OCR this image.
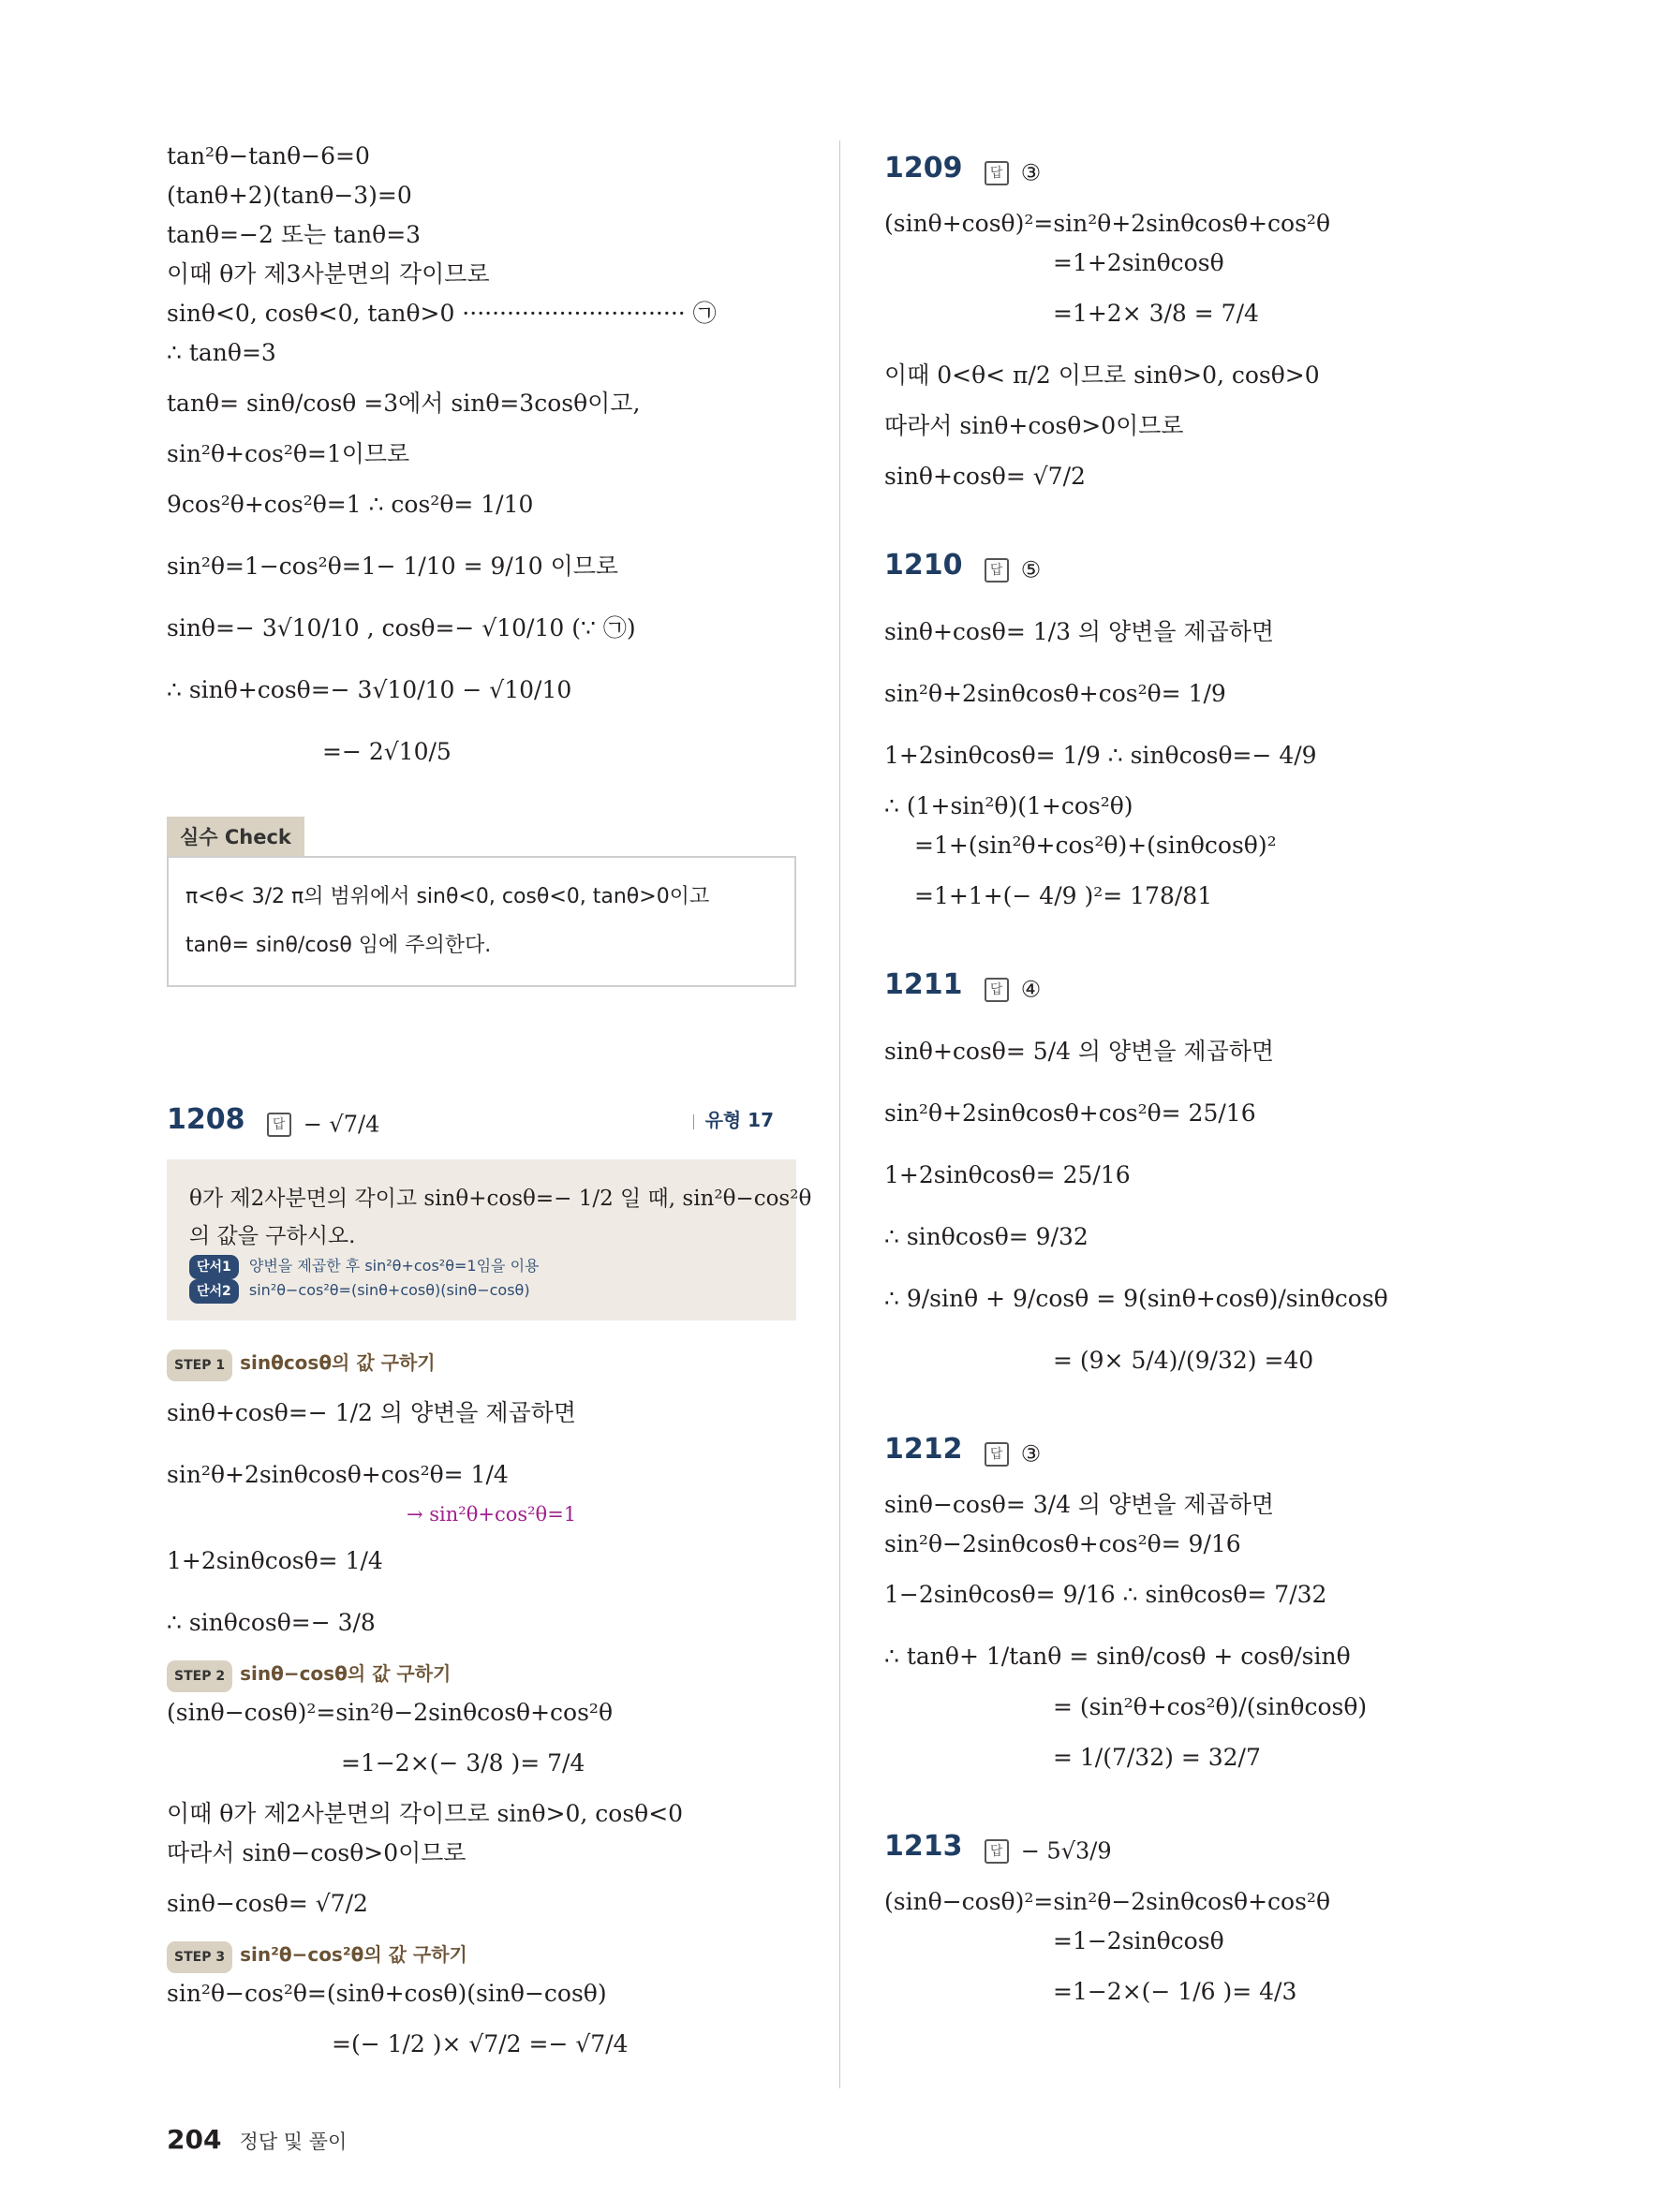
tan²θ−tanθ−6=0
(tanθ+2)(tanθ−3)=0
tanθ=−2 또는 tanθ=3
이때 θ가 제3사분면의 각이므로
sinθ<0, cosθ<0, tanθ>0 ······························ ㉠
∴ tanθ=3
tanθ= sinθ/cosθ =3에서 sinθ=3cosθ이고,
sin²θ+cos²θ=1이므로
9cos²θ+cos²θ=1 ∴ cos²θ= 1/10
sin²θ=1−cos²θ=1− 1/10 = 9/10 이므로
sinθ=− 3√10/10 , cosθ=− √10/10 (∵ ㉠)
∴ sinθ+cosθ=− 3√10/10 − √10/10
=− 2√10/5
실수 Check
π<θ< 3/2 π의 범위에서 sinθ<0, cosθ<0, tanθ>0이고
tanθ= sinθ/cosθ 임에 주의한다.
1208 답 − √7/4	유형 17
θ가 제2사분면의 각이고 sinθ+cosθ=− 1/2 일 때, sin²θ−cos²θ
의 값을 구하시오.
단서1 양변을 제곱한 후 sin²θ+cos²θ=1임을 이용
단서2 sin²θ−cos²θ=(sinθ+cosθ)(sinθ−cosθ)
STEP 1 sinθcosθ의 값 구하기
sinθ+cosθ=− 1/2 의 양변을 제곱하면
sin²θ+2sinθcosθ+cos²θ= 1/4
→ sin²θ+cos²θ=1
1+2sinθcosθ= 1/4
∴ sinθcosθ=− 3/8
STEP 2 sinθ−cosθ의 값 구하기
(sinθ−cosθ)²=sin²θ−2sinθcosθ+cos²θ
=1−2×(− 3/8 )= 7/4
이때 θ가 제2사분면의 각이므로 sinθ>0, cosθ<0
따라서 sinθ−cosθ>0이므로
sinθ−cosθ= √7/2
STEP 3 sin²θ−cos²θ의 값 구하기
sin²θ−cos²θ=(sinθ+cosθ)(sinθ−cosθ)
=(− 1/2 )× √7/2 =− √7/4
1209 답 ③
(sinθ+cosθ)²=sin²θ+2sinθcosθ+cos²θ
=1+2sinθcosθ
=1+2× 3/8 = 7/4
이때 0<θ< π/2 이므로 sinθ>0, cosθ>0
따라서 sinθ+cosθ>0이므로
sinθ+cosθ= √7/2
1210 답 ⑤
sinθ+cosθ= 1/3 의 양변을 제곱하면
sin²θ+2sinθcosθ+cos²θ= 1/9
1+2sinθcosθ= 1/9 ∴ sinθcosθ=− 4/9
∴ (1+sin²θ)(1+cos²θ)
=1+(sin²θ+cos²θ)+(sinθcosθ)²
=1+1+(− 4/9 )²= 178/81
1211 답 ④
sinθ+cosθ= 5/4 의 양변을 제곱하면
sin²θ+2sinθcosθ+cos²θ= 25/16
1+2sinθcosθ= 25/16
∴ sinθcosθ= 9/32
∴ 9/sinθ + 9/cosθ = 9(sinθ+cosθ)/sinθcosθ
= (9× 5/4)/(9/32) =40
1212 답 ③
sinθ−cosθ= 3/4 의 양변을 제곱하면
sin²θ−2sinθcosθ+cos²θ= 9/16
1−2sinθcosθ= 9/16 ∴ sinθcosθ= 7/32
∴ tanθ+ 1/tanθ = sinθ/cosθ + cosθ/sinθ
= (sin²θ+cos²θ)/(sinθcosθ)
= 1/(7/32) = 32/7
1213 답 − 5√3/9
(sinθ−cosθ)²=sin²θ−2sinθcosθ+cos²θ
=1−2sinθcosθ
=1−2×(− 1/6 )= 4/3
204 정답 및 풀이
